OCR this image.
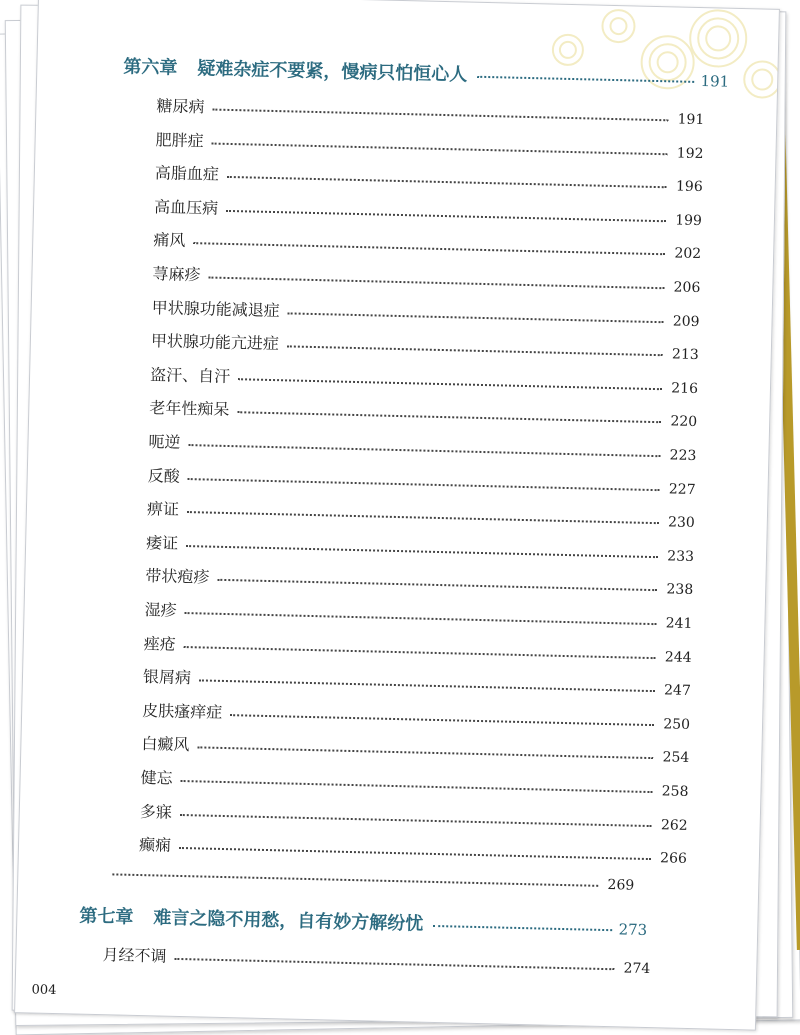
第六章 疑难杂症不要紧，慢病只怕恒心人	191
糖尿病
191
肥胖症
192
高脂血症
196
高血压病
199
痛风
202
荨麻疹
206
甲状腺功能减退症
209
甲状腺功能亢进症
213
盗汗、自汗
216
老年性痴呆
220
呃逆
223
反酸
227
痹证
230
痿证
233
带状疱疹
238
湿疹
241
痤疮
244
银屑病
247
皮肤瘙痒症
250
白癜风
254
健忘
258
多寐
262
癫痫
266
269
第七章 难言之隐不用愁，自有妙方解纷忧	273
月经不调
274
004
